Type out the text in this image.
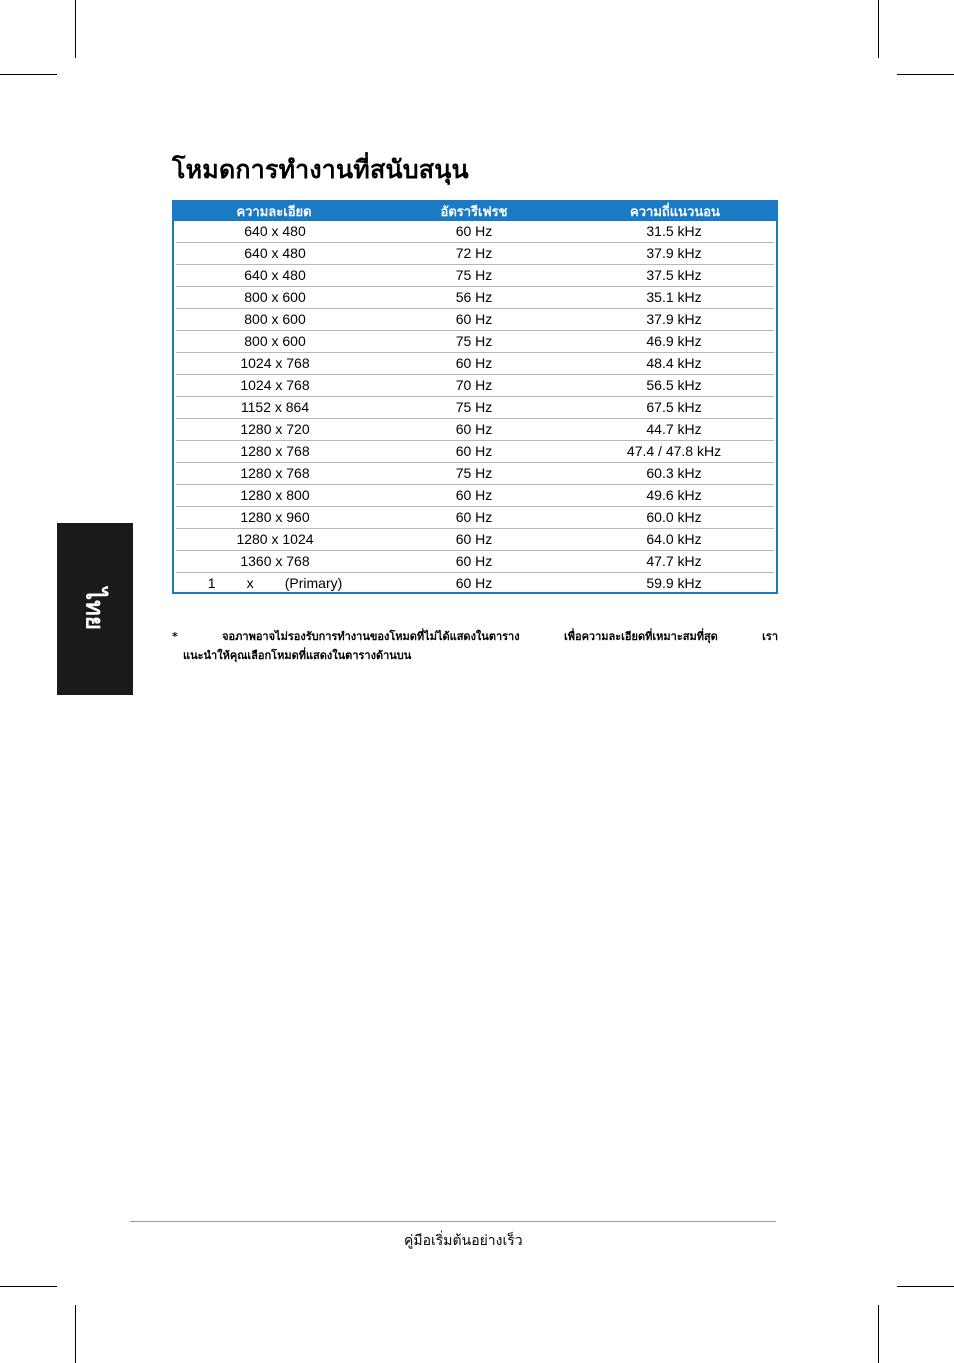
โหมดการทำงานที่สนับสนุน
ความละเอียด	อัตรารีเฟรช	ความถี่แนวนอน
640 x 480	60 Hz	31.5 kHz
640 x 480	72 Hz	37.9 kHz
640 x 480	75 Hz	37.5 kHz
800 x 600	56 Hz	35.1 kHz
800 x 600	60 Hz	37.9 kHz
800 x 600	75 Hz	46.9 kHz
1024 x 768	60 Hz	48.4 kHz
1024 x 768	70 Hz	56.5 kHz
1152 x 864	75 Hz	67.5 kHz
1280 x 720	60 Hz	44.7 kHz
1280 x 768	60 Hz	47.4 / 47.8 kHz
1280 x 768	75 Hz	60.3 kHz
1280 x 800	60 Hz	49.6 kHz
1280 x 960	60 Hz	60.0 kHz
1280 x 1024	60 Hz	64.0 kHz
1360 x 768	60 Hz	47.7 kHz
1        x        (Primary)	60 Hz	59.9 kHz
ไทย
* จอภาพอาจไม่รองรับการทำงานของโหมดที่ไม่ได้แสดงในตาราง เพื่อความละเอียดที่เหมาะสมที่สุด เรา
แนะนำให้คุณเลือกโหมดที่แสดงในตารางด้านบน
คู่มือเริ่มต้นอย่างเร็ว
